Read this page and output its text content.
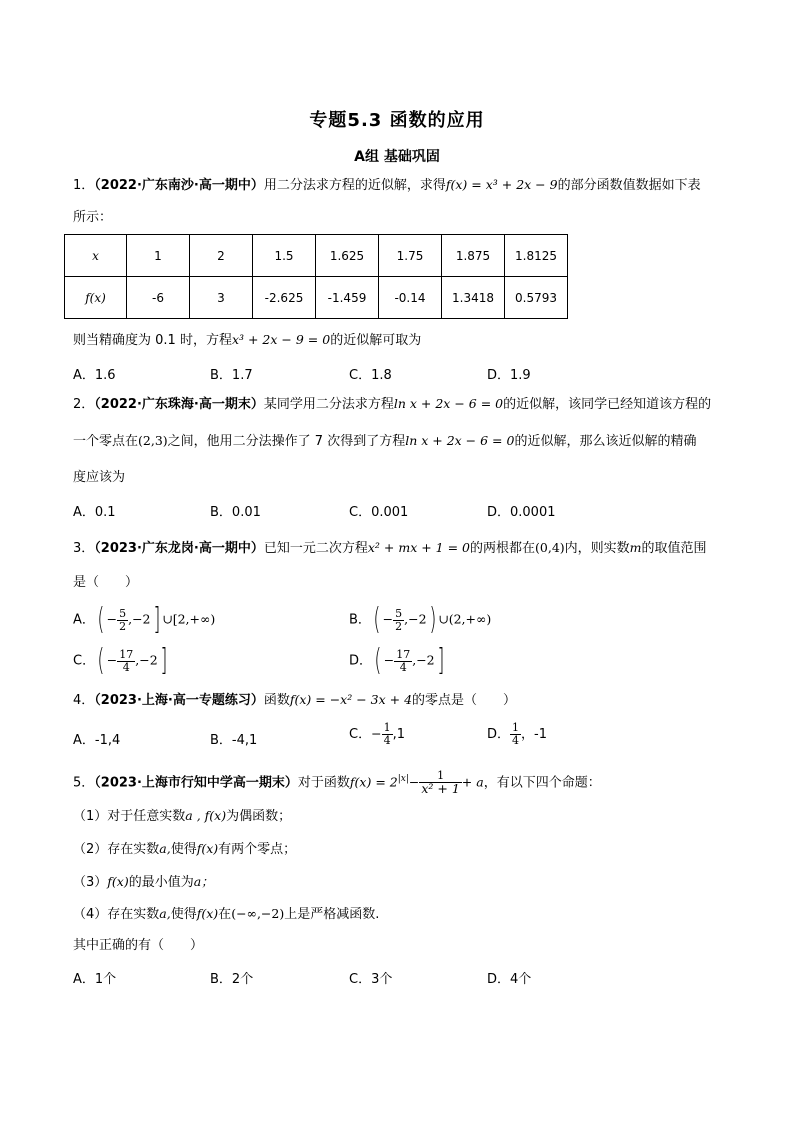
专题5.3 函数的应用
A组 基础巩固
1．（2022·广东南沙·高一期中）用二分法求方程的近似解，求得f(x) = x³ + 2x − 9的部分函数值数据如下表
所示：
x	1	2	1.5	1.625	1.75	1.875	1.8125
f(x)	-6	3	-2.625	-1.459	-0.14	1.3418	0.5793
则当精确度为 0.1 时，方程x³ + 2x − 9 = 0的近似解可取为
A．1.6	B．1.7	C．1.8	D．1.9
2．（2022·广东珠海·高一期末）某同学用二分法求方程ln x + 2x − 6 = 0的近似解，该同学已经知道该方程的
一个零点在(2,3)之间，他用二分法操作了 7 次得到了方程ln x + 2x − 6 = 0的近似解，那么该近似解的精确
度应该为
A．0.1	B．0.01	C．0.001	D．0.0001
3．（2023·广东龙岗·高一期中）已知一元二次方程x² + mx + 1 = 0的两根都在(0,4)内，则实数m的取值范围
是（　　）
A．( − $\frac{5}{2} ,-2$] ∪[2,+∞)	B．( − $\frac{5}{2} ,-2$) ∪(2,+∞)
C．( − $\frac{17}{4} ,-2$]	D．( − $\frac{17}{4} ,-2$]
4．（2023·上海·高一专题练习）函数f(x) = −x² − 3x + 4的零点是（　　）
A．-1,4	B．-4,1	C．− $\frac{1}{4} ,1$	D． $\frac{1}{4}$ ，-1
5．（2023·上海市行知中学高一期末）对于函数$f(x) = 2^{|x|}- \frac{1}{\text{x² + 1}} + a$，有以下四个命题：
（1）对于任意实数a , f(x)为偶函数；
（2）存在实数a,使得f(x)有两个零点；
（3）f(x)的最小值为a；
（4）存在实数a,使得f(x)在(−∞,−2)上是严格减函数.
其中正确的有（　　）
A．1个	B．2个	C．3个	D．4个
